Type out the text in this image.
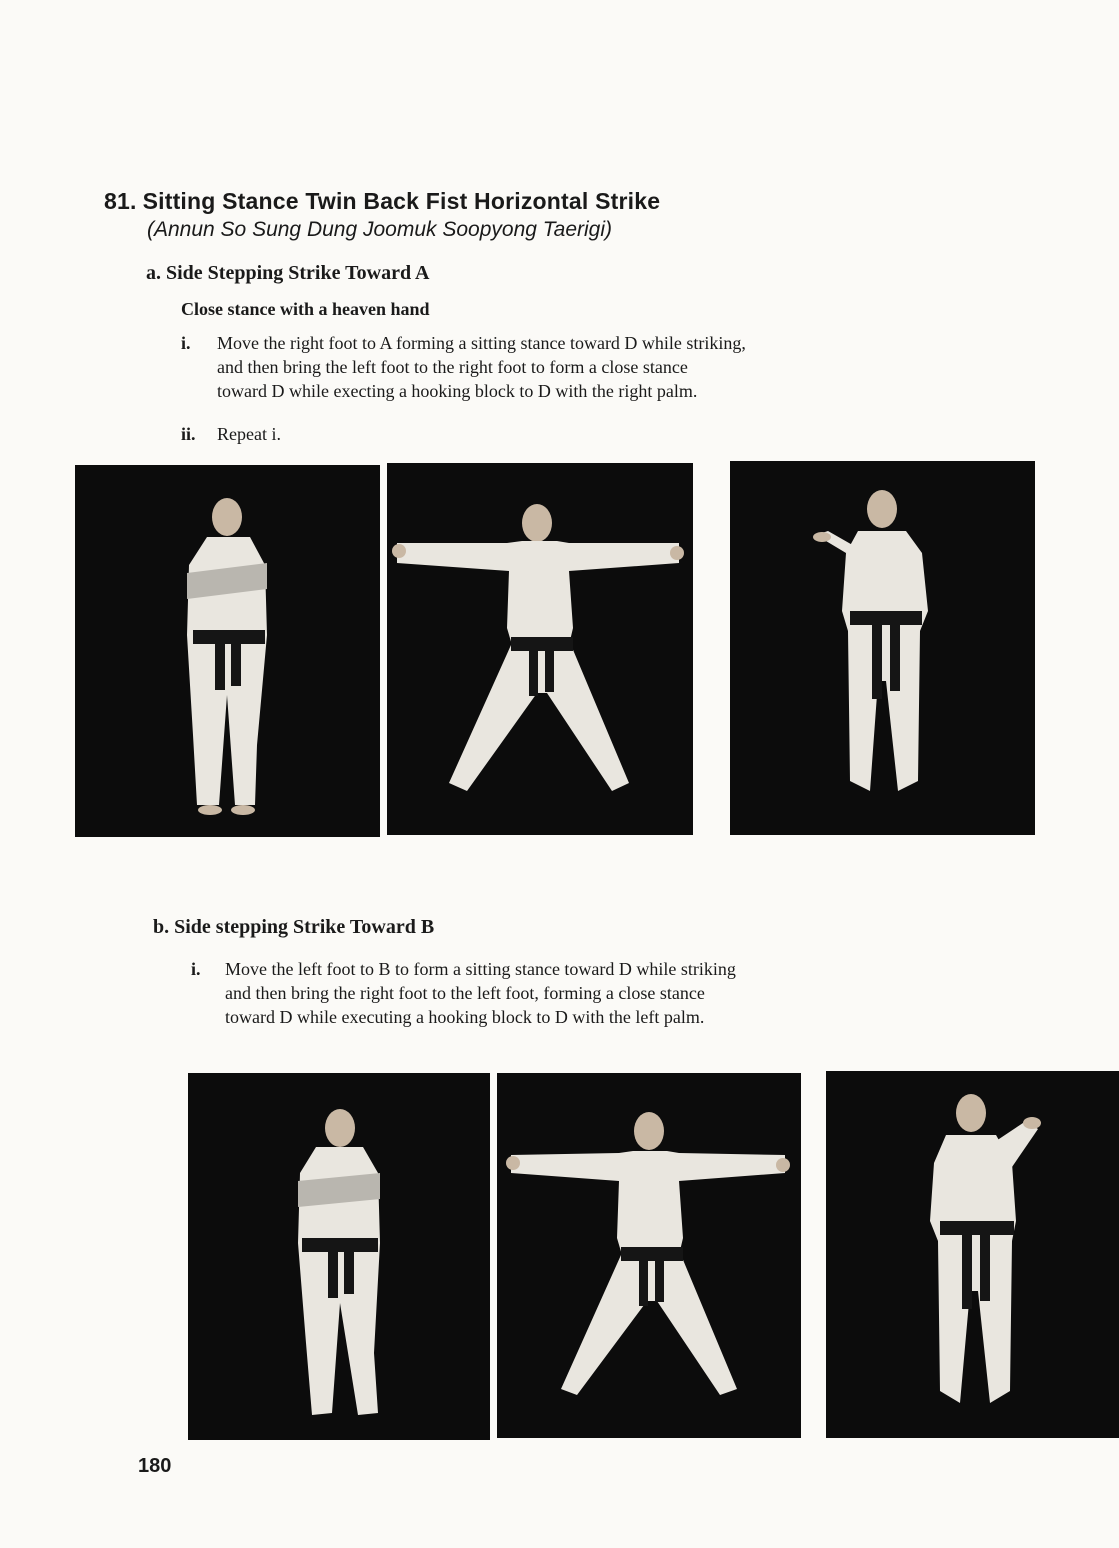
81. Sitting Stance Twin Back Fist Horizontal Strike
(Annun So Sung Dung Joomuk Soopyong Taerigi)
a. Side Stepping Strike Toward A
Close stance with a heaven hand
i. Move the right foot to A forming a sitting stance toward D while striking,
and then bring the left foot to the right foot to form a close stance
toward D while execting a hooking block to D with the right palm.
ii. Repeat i.
b. Side stepping Strike Toward B
i. Move the left foot to B to form a sitting stance toward D while striking
and then bring the right foot to the left foot, forming a close stance
toward D while executing a hooking block to D with the left palm.
180
